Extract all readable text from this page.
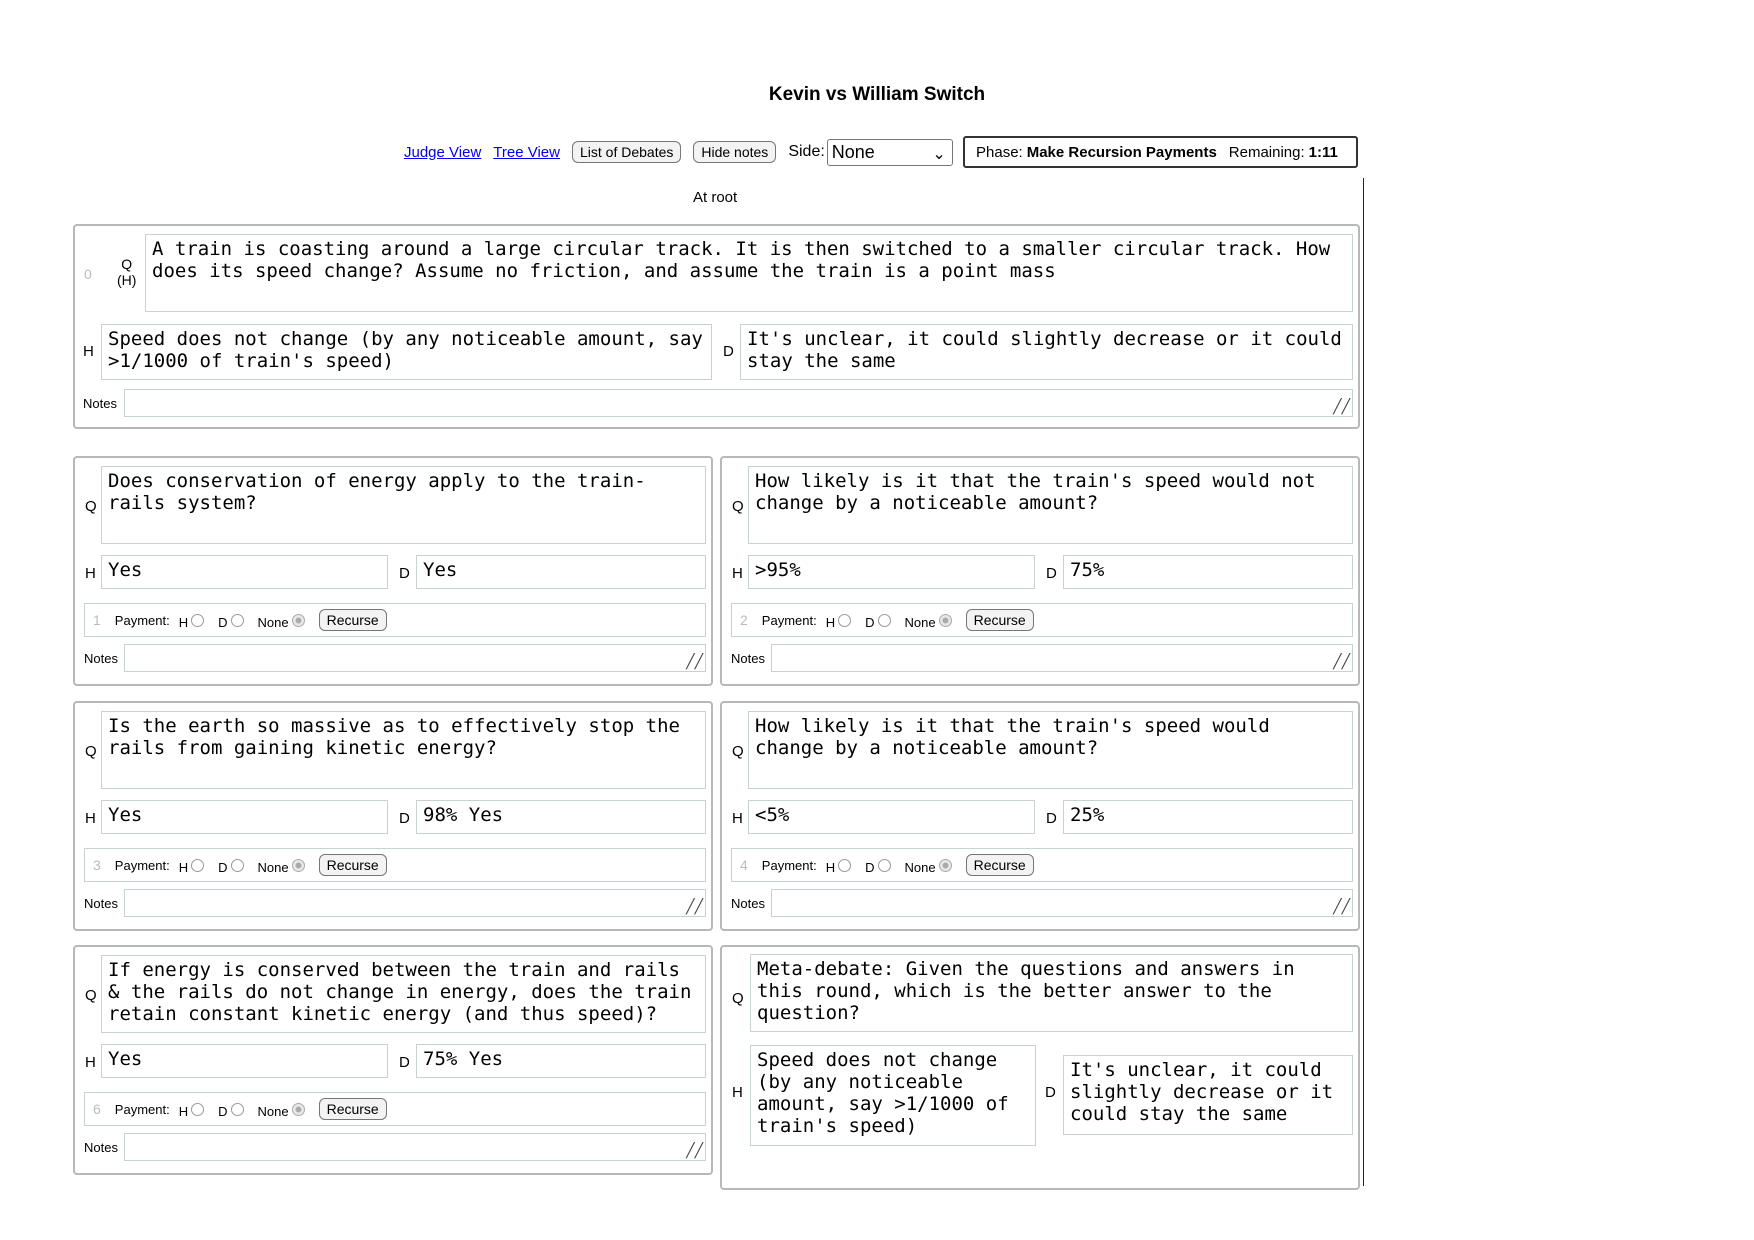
Kevin vs William Switch
Judge View Tree View	List of Debates	Hide notes	Side: None	⌄ Phase: Make Recursion Payments Remaining: 1:11
At root
0
Q
(H)
A train is coasting around a large circular track. It is then switched to a smaller circular track. How does its speed change? Assume no friction, and assume the train is a point mass
H
Speed does not change (by any noticeable amount, say >1/1000 of train's speed)	D
It's unclear, it could slightly decrease or it could stay the same
Notes	╱╱
Q
Does conservation of energy apply to the train-rails system?
H Yes	D Yes
1 Payment: H D None	Recurse
Notes	╱╱
Q
How likely is it that the train's speed would not change by a noticeable amount?
H >95%	D 75%
2 Payment: H D None	Recurse
Notes	╱╱
Q
Is the earth so massive as to effectively stop the rails from gaining kinetic energy?
H Yes	D 98% Yes
3 Payment: H D None	Recurse
Notes	╱╱
Q
How likely is it that the train's speed would change by a noticeable amount?
H <5%	D 25%
4 Payment: H D None	Recurse
Notes	╱╱
Q
If energy is conserved between the train and rails & the rails do not change in energy, does the train retain constant kinetic energy (and thus speed)?
H Yes	D 75% Yes
6 Payment: H D None	Recurse
Notes	╱╱
Q
Meta-debate: Given the questions and answers in this round, which is the better answer to the question?
H
Speed does not change (by any noticeable amount, say >1/1000 of train's speed)
D
It's unclear, it could slightly decrease or it could stay the same
